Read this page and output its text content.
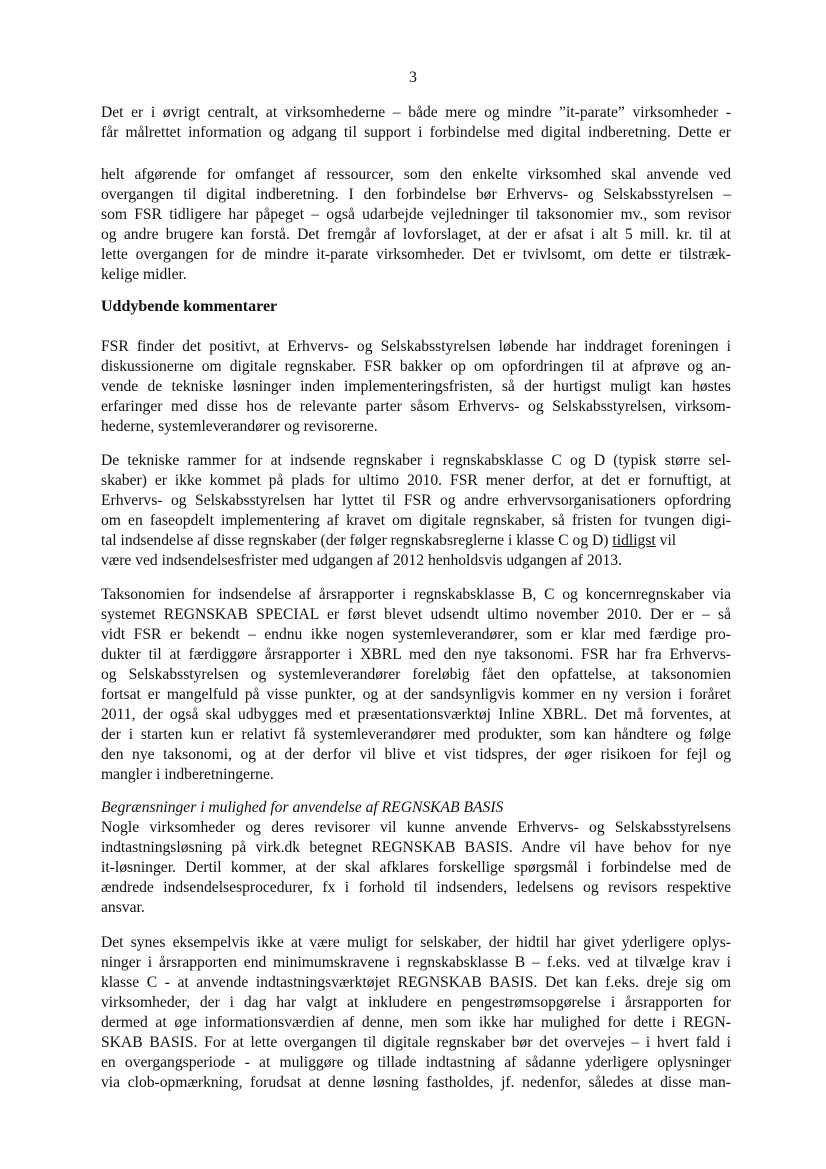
3
Det er i øvrigt centralt, at virksomhederne – både mere og mindre ”it-parate” virksomheder -
får målrettet information og adgang til support i forbindelse med digital indberetning. Dette er
helt afgørende for omfanget af ressourcer, som den enkelte virksomhed skal anvende ved
overgangen til digital indberetning. I den forbindelse bør Erhvervs- og Selskabsstyrelsen –
som FSR tidligere har påpeget – også udarbejde vejledninger til taksonomier mv., som revisor
og andre brugere kan forstå. Det fremgår af lovforslaget, at der er afsat i alt 5 mill. kr. til at
lette overgangen for de mindre it-parate virksomheder. Det er tvivlsomt, om dette er tilstræk-
kelige midler.
Uddybende kommentarer
FSR finder det positivt, at Erhvervs- og Selskabsstyrelsen løbende har inddraget foreningen i
diskussionerne om digitale regnskaber. FSR bakker op om opfordringen til at afprøve og an-
vende de tekniske løsninger inden implementeringsfristen, så der hurtigst muligt kan høstes
erfaringer med disse hos de relevante parter såsom Erhvervs- og Selskabsstyrelsen, virksom-
hederne, systemleverandører og revisorerne.
De tekniske rammer for at indsende regnskaber i regnskabsklasse C og D (typisk større sel-
skaber) er ikke kommet på plads for ultimo 2010. FSR mener derfor, at det er fornuftigt, at
Erhvervs- og Selskabsstyrelsen har lyttet til FSR og andre erhvervsorganisationers opfordring
om en faseopdelt implementering af kravet om digitale regnskaber, så fristen for tvungen digi-
tal indsendelse af disse regnskaber (der følger regnskabsreglerne i klasse C og D) tidligst vil
være ved indsendelsesfrister med udgangen af 2012 henholdsvis udgangen af 2013.
Taksonomien for indsendelse af årsrapporter i regnskabsklasse B, C og koncernregnskaber via
systemet REGNSKAB SPECIAL er først blevet udsendt ultimo november 2010. Der er – så
vidt FSR er bekendt – endnu ikke nogen systemleverandører, som er klar med færdige pro-
dukter til at færdiggøre årsrapporter i XBRL med den nye taksonomi. FSR har fra Erhvervs-
og Selskabsstyrelsen og systemleverandører foreløbig fået den opfattelse, at taksonomien
fortsat er mangelfuld på visse punkter, og at der sandsynligvis kommer en ny version i foråret
2011, der også skal udbygges med et præsentationsværktøj Inline XBRL. Det må forventes, at
der i starten kun er relativt få systemleverandører med produkter, som kan håndtere og følge
den nye taksonomi, og at der derfor vil blive et vist tidspres, der øger risikoen for fejl og
mangler i indberetningerne.
Begrænsninger i mulighed for anvendelse af REGNSKAB BASIS
Nogle virksomheder og deres revisorer vil kunne anvende Erhvervs- og Selskabsstyrelsens
indtastningsløsning på virk.dk betegnet REGNSKAB BASIS. Andre vil have behov for nye
it-løsninger. Dertil kommer, at der skal afklares forskellige spørgsmål i forbindelse med de
ændrede indsendelsesprocedurer, fx i forhold til indsenders, ledelsens og revisors respektive
ansvar.
Det synes eksempelvis ikke at være muligt for selskaber, der hidtil har givet yderligere oplys-
ninger i årsrapporten end minimumskravene i regnskabsklasse B – f.eks. ved at tilvælge krav i
klasse C - at anvende indtastningsværktøjet REGNSKAB BASIS. Det kan f.eks. dreje sig om
virksomheder, der i dag har valgt at inkludere en pengestrømsopgørelse i årsrapporten for
dermed at øge informationsværdien af denne, men som ikke har mulighed for dette i REGN-
SKAB BASIS. For at lette overgangen til digitale regnskaber bør det overvejes – i hvert fald i
en overgangsperiode - at muliggøre og tillade indtastning af sådanne yderligere oplysninger
via clob-opmærkning, forudsat at denne løsning fastholdes, jf. nedenfor, således at disse man-
